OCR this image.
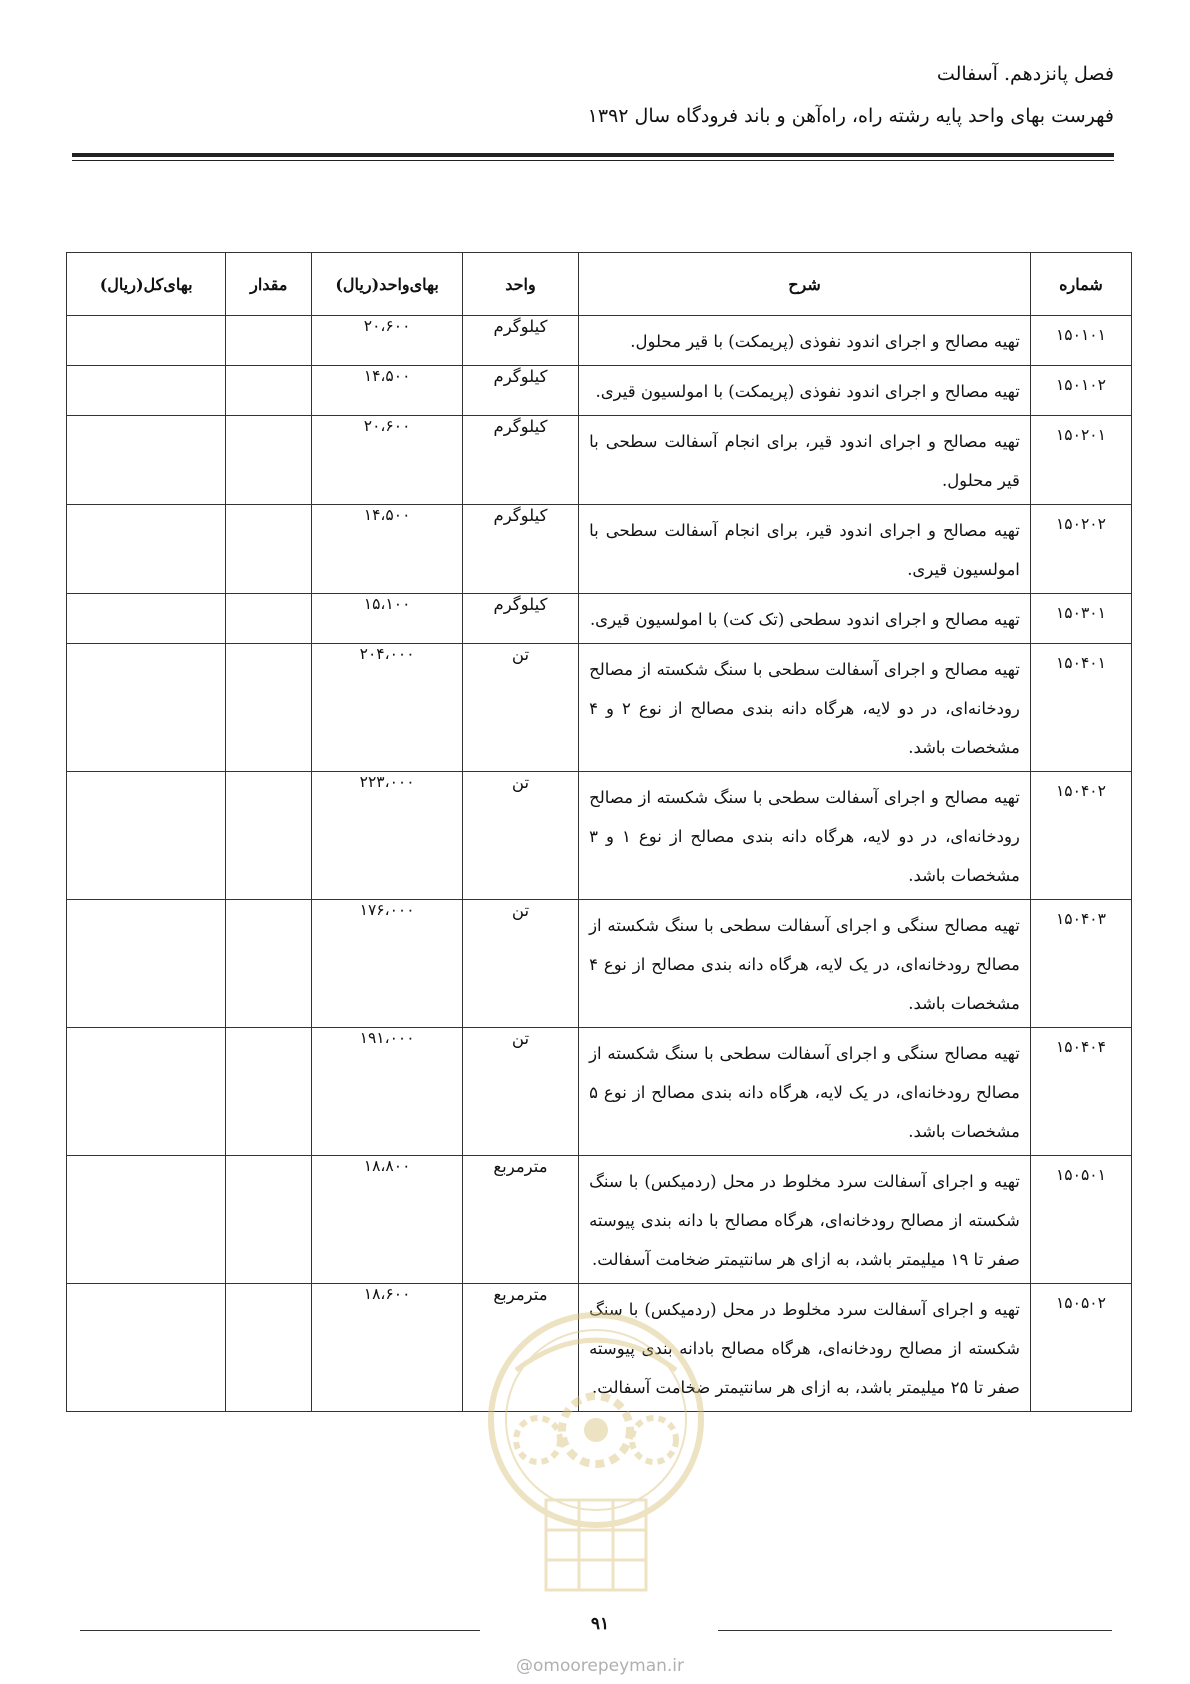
فصل پانزدهم. آسفالت
فهرست بهای واحد پایه رشته راه، راه‌آهن و باند فرودگاه سال ۱۳۹۲
شماره	شرح	واحد	بهای‌واحد(ریال)	مقدار	بهای‌کل(ریال)
۱۵۰۱۰۱	تهیه مصالح و اجرای اندود نفوذی (پریمکت) با قیر محلول.	کیلوگرم	۲۰،۶۰۰		
۱۵۰۱۰۲	تهیه مصالح و اجرای اندود نفوذی (پریمکت) با امولسیون قیری.	کیلوگرم	۱۴،۵۰۰		
۱۵۰۲۰۱	تهیه مصالح و اجرای اندود قیر، برای انجام آسفالت سطحی با قیر محلول.	کیلوگرم	۲۰،۶۰۰		
۱۵۰۲۰۲	تهیه مصالح و اجرای اندود قیر، برای انجام آسفالت سطحی با امولسیون قیری.	کیلوگرم	۱۴،۵۰۰		
۱۵۰۳۰۱	تهیه مصالح و اجرای اندود سطحی (تک کت) با امولسیون قیری.	کیلوگرم	۱۵،۱۰۰		
۱۵۰۴۰۱	تهیه مصالح و اجرای آسفالت سطحی با سنگ شکسته از مصالح رودخانه‌ای، در دو لایه، هرگاه دانه بندی مصالح از نوع ۲ و ۴ مشخصات باشد.	تن	۲۰۴،۰۰۰		
۱۵۰۴۰۲	تهیه مصالح و اجرای آسفالت سطحی با سنگ شکسته از مصالح رودخانه‌ای، در دو لایه، هرگاه دانه بندی مصالح از نوع ۱ و ۳ مشخصات باشد.	تن	۲۲۳،۰۰۰		
۱۵۰۴۰۳	تهیه مصالح سنگی و اجرای آسفالت سطحی با سنگ شکسته از مصالح رودخانه‌ای، در یک لایه، هرگاه دانه بندی مصالح از نوع ۴ مشخصات باشد.	تن	۱۷۶،۰۰۰		
۱۵۰۴۰۴	تهیه مصالح سنگی و اجرای آسفالت سطحی با سنگ شکسته از مصالح رودخانه‌ای، در یک لایه، هرگاه دانه بندی مصالح از نوع ۵ مشخصات باشد.	تن	۱۹۱،۰۰۰		
۱۵۰۵۰۱	تهیه و اجرای آسفالت سرد مخلوط در محل (ردمیکس) با سنگ شکسته از مصالح رودخانه‌ای، هرگاه مصالح با دانه بندی پیوسته صفر تا ۱۹ میلیمتر باشد، به ازای هر سانتیمتر ضخامت آسفالت.	مترمربع	۱۸،۸۰۰		
۱۵۰۵۰۲	تهیه و اجرای آسفالت سرد مخلوط در محل (ردمیکس) با سنگ شکسته از مصالح رودخانه‌ای، هرگاه مصالح بادانه بندی پیوسته صفر تا ۲۵ میلیمتر باشد، به ازای هر سانتیمتر ضخامت آسفالت.	مترمربع	۱۸،۶۰۰		
۹۱
@omoorepeyman.ir
